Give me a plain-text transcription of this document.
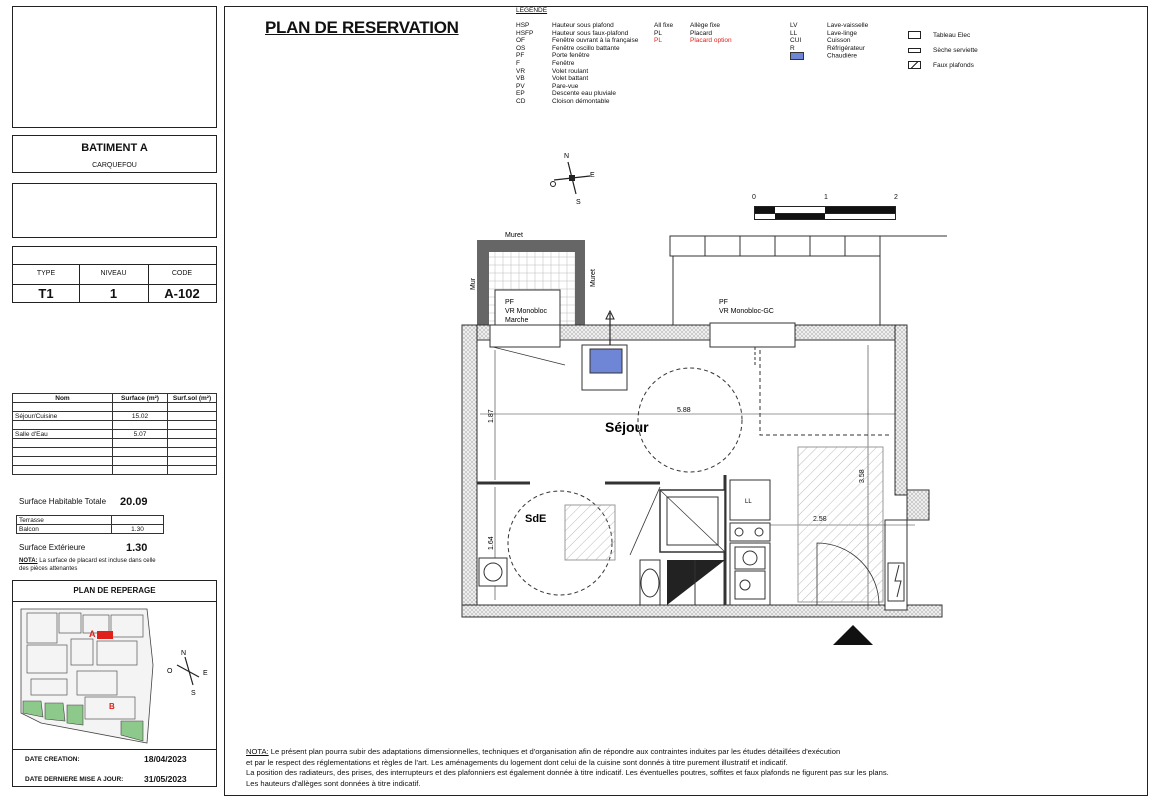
BATIMENT A
CARQUEFOU
TYPE	NIVEAU	CODE
T1	1	A-102
Nom	Surface (m²)	Surf.sol (m²)

Séjour/Cuisine	15.02	

Salle d'Eau	5.07	

Surface Habitable Totale 20.09
Terrasse	
Balcon	1.30
Surface Extérieure	1.30
NOTA: La surface de placard est incluse dans celle
des pièces attenantes
PLAN DE REPERAGE
A
B
N
E
O
S
DATE CREATION:	18/04/2023
DATE DERNIERE MISE A JOUR: 31/05/2023
PLAN DE RESERVATION
LEGENDE
HSP	Hauteur sous plafond
HSFP	Hauteur sous faux-plafond
OF	Fenêtre ouvrant à la française
OS	Fenêtre oscillo battante
PF	Porte fenêtre
F	Fenêtre
VR	Volet roulant
VB	Volet battant
PV	Pare-vue
EP	Descente eau pluviale
CD	Cloison démontable
All fixe	Allège fixe
PL	Placard
PL	Placard option
LV	Lave-vaisselle
LL	Lave-linge
CUI	Cuisson
R	Réfrigérateur
Chaudière
Tableau Elec
Sèche serviette
Faux plafonds
N
E
S
0	1	2
Muret
Mur	Muret
PF
VR Monobloc
Marche
PF
VR Monobloc-GC
Séjour
5.88
1.87
1.64
SdE
LL
NOTA: Le présent plan pourra subir des adaptations dimensionnelles, techniques et d'organisation afin de répondre aux contraintes induites par les études détaillées d'exécution
et par le respect des réglementations et règles de l'art. Les aménagements du logement dont celui de la cuisine sont donnés à titre purement illustratif et indicatif.
La position des radiateurs, des prises, des interrupteurs et des plafonniers est également donnée à titre indicatif. Les éventuelles poutres, soffites et faux plafonds ne figurent pas sur les plans.
Les hauteurs d'allèges sont données à titre indicatif.
